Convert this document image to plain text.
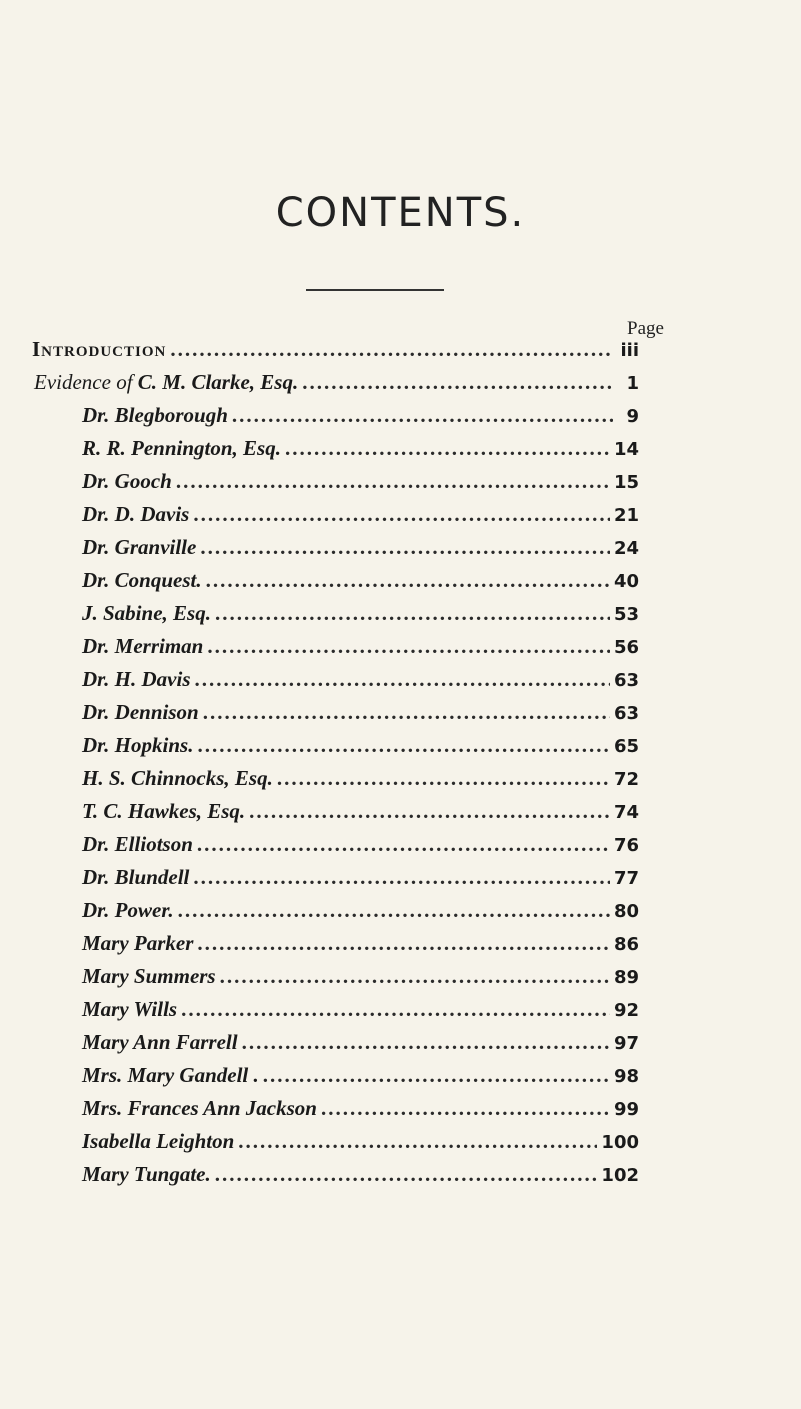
CONTENTS.
Page
Introduction .....	iii
Evidence of C. M. Clarke, Esq. .....	1
Dr. Blegborough .....	9
R. R. Pennington, Esq. .....	14
Dr. Gooch .....	15
Dr. D. Davis .....	21
Dr. Granville .....	24
Dr. Conquest. .....	40
J. Sabine, Esq. .....	53
Dr. Merriman .....	56
Dr. H. Davis .....	63
Dr. Dennison .....	63
Dr. Hopkins. .....	65
H. S. Chinnocks, Esq. .....	72
T. C. Hawkes, Esq. .....	74
Dr. Elliotson .....	76
Dr. Blundell .....	77
Dr. Power. .....	80
Mary Parker .....	86
Mary Summers .....	89
Mary Wills .....	92
Mary Ann Farrell .....	97
Mrs. Mary Gandell . .....	98
Mrs. Frances Ann Jackson .....	99
Isabella Leighton .....	100
Mary Tungate. .....	102
